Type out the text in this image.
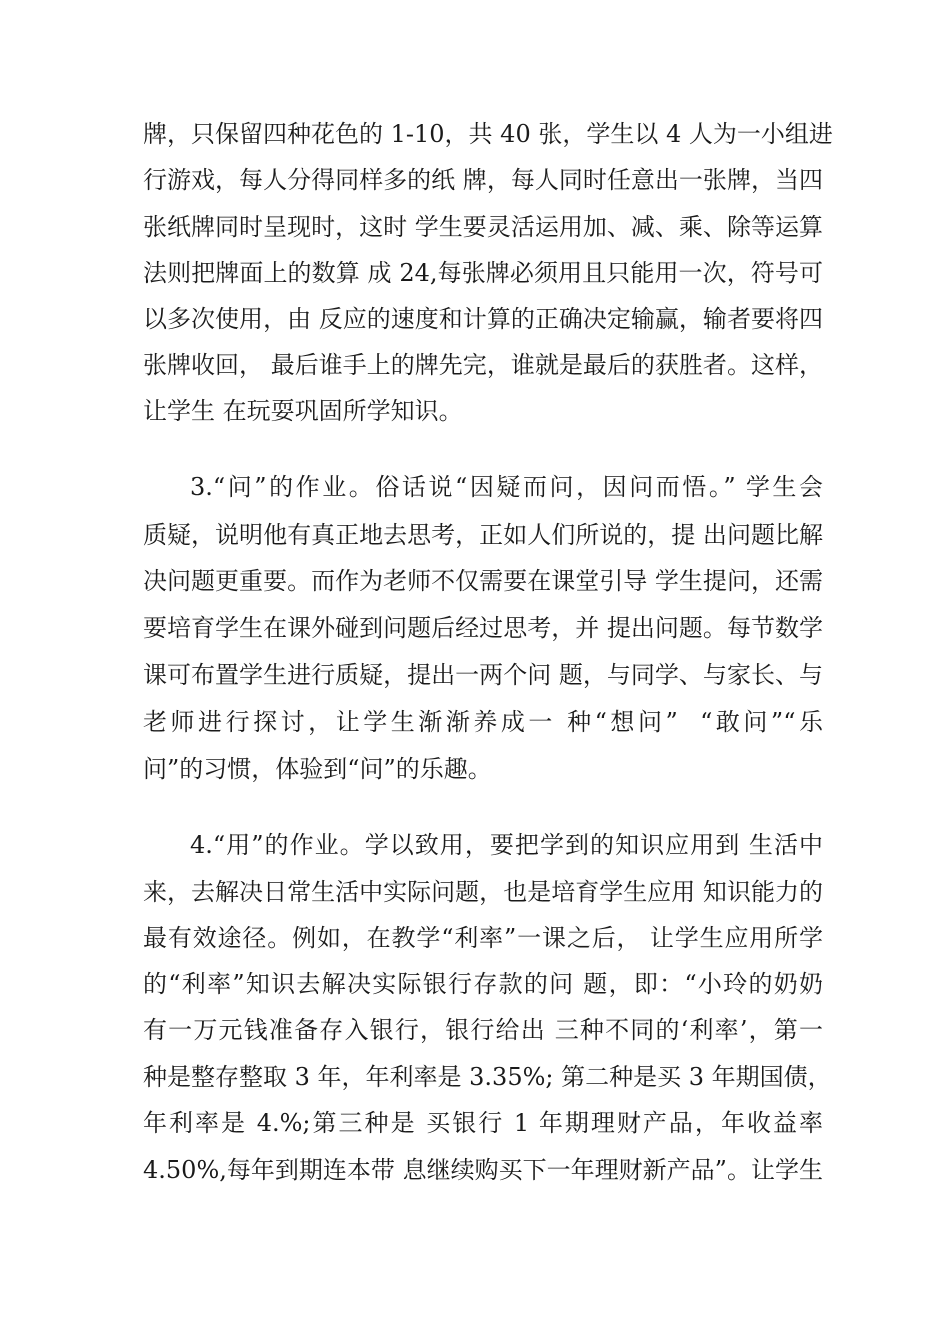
牌，只保留四种花色的 1-10，共 40 张，学生以 4 人为一小组进
行游戏，每人分得同样多的纸 牌，每人同时任意出一张牌，当四
张纸牌同时呈现时，这时 学生要灵活运用加、减、乘、除等运算
法则把牌面上的数算 成 24,每张牌必须用且只能用一次，符号可
以多次使用，由 反应的速度和计算的正确决定输赢，输者要将四
张牌收回， 最后谁手上的牌先完，谁就是最后的获胜者。这样，
让学生 在玩耍巩固所学知识。
3.“问”的作业。俗话说“因疑而问，因问而悟。” 学生会
质疑，说明他有真正地去思考，正如人们所说的，提 出问题比解
决问题更重要。而作为老师不仅需要在课堂引导 学生提问，还需
要培育学生在课外碰到问题后经过思考，并 提出问题。每节数学
课可布置学生进行质疑，提出一两个问 题，与同学、与家长、与
老师进行探讨，让学生渐渐养成一 种“想问”  “敢问”“乐
问”的习惯，体验到“问”的乐趣。
4.“用”的作业。学以致用，要把学到的知识应用到 生活中
来，去解决日常生活中实际问题，也是培育学生应用 知识能力的
最有效途径。例如，在教学“利率”一课之后， 让学生应用所学
的“利率”知识去解决实际银行存款的问 题，即：“小玲的奶奶
有一万元钱准备存入银行，银行给出 三种不同的‘利率’，第一
种是整存整取 3 年，年利率是 3.35%; 第二种是买 3 年期国债，
年利率是 4.%;第三种是 买银行 1 年期理财产品，年收益率
4.50%,每年到期连本带 息继续购买下一年理财新产品”。让学生
